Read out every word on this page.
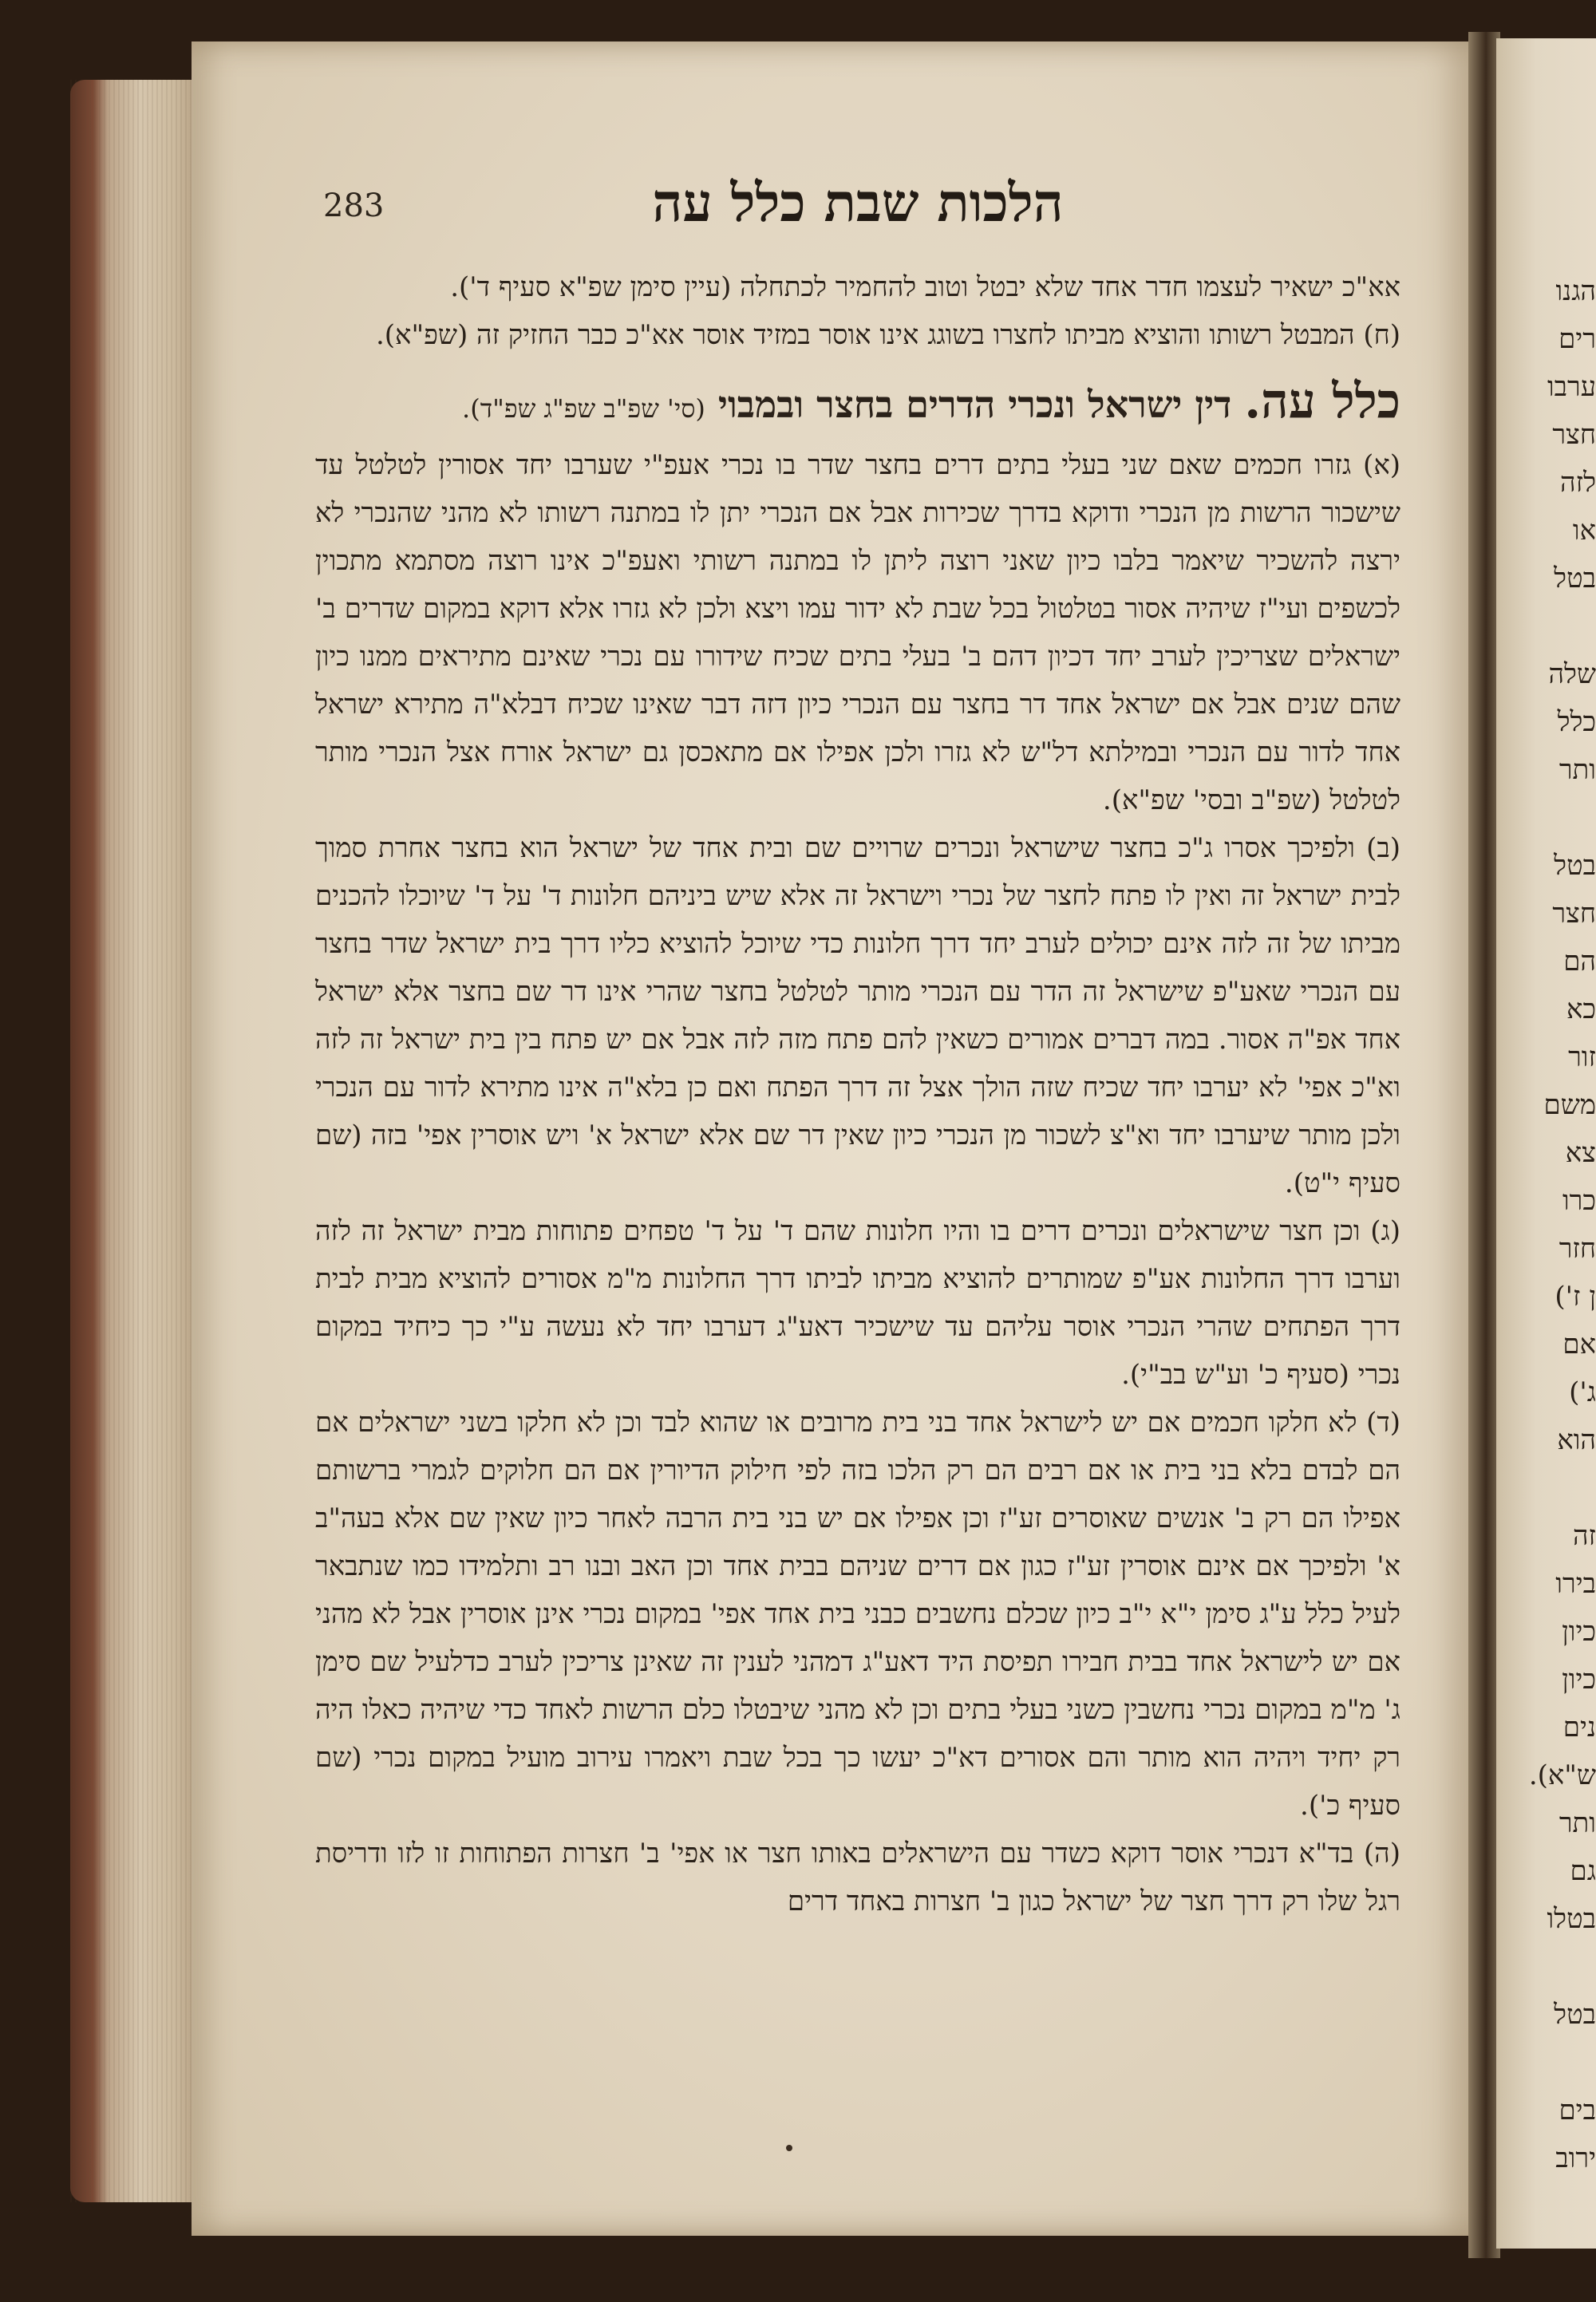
הגנו
רים
ערבו
חצר
לזה
או
בטל

שלה
כלל
ותר

בטל
חצר
הם
כא
זור
משם
צא
כרו
חזר
ן ז')
אם
ג')
הוא

זה
בירו
כיון
כיון
נים
ש"א).
ותר
גם
בטלו

בטל

בים
ירוב
283	הלכות שבת כלל עה

אא"כ ישאיר לעצמו חדר אחד שלא יבטל וטוב להחמיר לכתחלה (עיין סימן שפ"א סעיף ד').

(ח) המבטל רשותו והוציא מביתו לחצרו בשוגג אינו אוסר במזיד אוסר אא"כ כבר החזיק זה (שפ"א).

כלל עה. דין ישראל ונכרי הדרים בחצר ובמבוי (סי' שפ"ב שפ"ג שפ"ד).

(א) גזרו חכמים שאם שני בעלי בתים דרים בחצר שדר בו נכרי אעפ"י שערבו יחד אסורין לטלטל עד שישכור הרשות מן הנכרי ודוקא בדרך שכירות אבל אם הנכרי יתן לו במתנה רשותו לא מהני שהנכרי לא ירצה להשכיר שיאמר בלבו כיון שאני רוצה ליתן לו במתנה רשותי ואעפ"כ אינו רוצה מסתמא מתכוין לכשפים ועי"ז שיהיה אסור בטלטול בכל שבת לא ידור עמו ויצא ולכן לא גזרו אלא דוקא במקום שדרים ב' ישראלים שצריכין לערב יחד דכיון דהם ב' בעלי בתים שכיח שידורו עם נכרי שאינם מתיראים ממנו כיון שהם שנים אבל אם ישראל אחד דר בחצר עם הנכרי כיון דזה דבר שאינו שכיח דבלא"ה מתירא ישראל אחד לדור עם הנכרי ובמילתא דל"ש לא גזרו ולכן אפילו אם מתאכסן גם ישראל אורח אצל הנכרי מותר לטלטל (שפ"ב ובסי' שפ"א).

(ב) ולפיכך אסרו ג"כ בחצר שישראל ונכרים שרויים שם ובית אחד של ישראל הוא בחצר אחרת סמוך לבית ישראל זה ואין לו פתח לחצר של נכרי וישראל זה אלא שיש ביניהם חלונות ד' על ד' שיוכלו להכנים מביתו של זה לזה אינם יכולים לערב יחד דרך חלונות כדי שיוכל להוציא כליו דרך בית ישראל שדר בחצר עם הנכרי שאע"פ שישראל זה הדר עם הנכרי מותר לטלטל בחצר שהרי אינו דר שם בחצר אלא ישראל אחד אפ"ה אסור. במה דברים אמורים כשאין להם פתח מזה לזה אבל אם יש פתח בין בית ישראל זה לזה וא"כ אפי' לא יערבו יחד שכיח שזה הולך אצל זה דרך הפתח ואם כן בלא"ה אינו מתירא לדור עם הנכרי ולכן מותר שיערבו יחד וא"צ לשכור מן הנכרי כיון שאין דר שם אלא ישראל א' ויש אוסרין אפי' בזה (שם סעיף י"ט).

(ג) וכן חצר שישראלים ונכרים דרים בו והיו חלונות שהם ד' על ד' טפחים פתוחות מבית ישראל זה לזה וערבו דרך החלונות אע"פ שמותרים להוציא מביתו לביתו דרך החלונות מ"מ אסורים להוציא מבית לבית דרך הפתחים שהרי הנכרי אוסר עליהם עד שישכיר דאע"ג דערבו יחד לא נעשה ע"י כך כיחיד במקום נכרי (סעיף כ' וע"ש בב"י).

(ד) לא חלקו חכמים אם יש לישראל אחד בני בית מרובים או שהוא לבד וכן לא חלקו בשני ישראלים אם הם לבדם בלא בני בית או אם רבים הם רק הלכו בזה לפי חילוק הדיורין אם הם חלוקים לגמרי ברשותם אפילו הם רק ב' אנשים שאוסרים זע"ז וכן אפילו אם יש בני בית הרבה לאחר כיון שאין שם אלא בעה"ב א' ולפיכך אם אינם אוסרין זע"ז כגון אם דרים שניהם בבית אחד וכן האב ובנו רב ותלמידו כמו שנתבאר לעיל כלל ע"ג סימן י"א י"ב כיון שכלם נחשבים כבני בית אחד אפי' במקום נכרי אינן אוסרין אבל לא מהני אם יש לישראל אחד בבית חבירו תפיסת היד דאע"ג דמהני לענין זה שאינן צריכין לערב כדלעיל שם סימן ג' מ"מ במקום נכרי נחשבין כשני בעלי בתים וכן לא מהני שיבטלו כלם הרשות לאחד כדי שיהיה כאלו היה רק יחיד ויהיה הוא מותר והם אסורים דא"כ יעשו כך בכל שבת ויאמרו עירוב מועיל במקום נכרי (שם סעיף כ').

(ה) בד"א דנכרי אוסר דוקא כשדר עם הישראלים באותו חצר או אפי' ב' חצרות הפתוחות זו לזו ודריסת רגל שלו רק דרך חצר של ישראל כגון ב' חצרות באחד דרים
